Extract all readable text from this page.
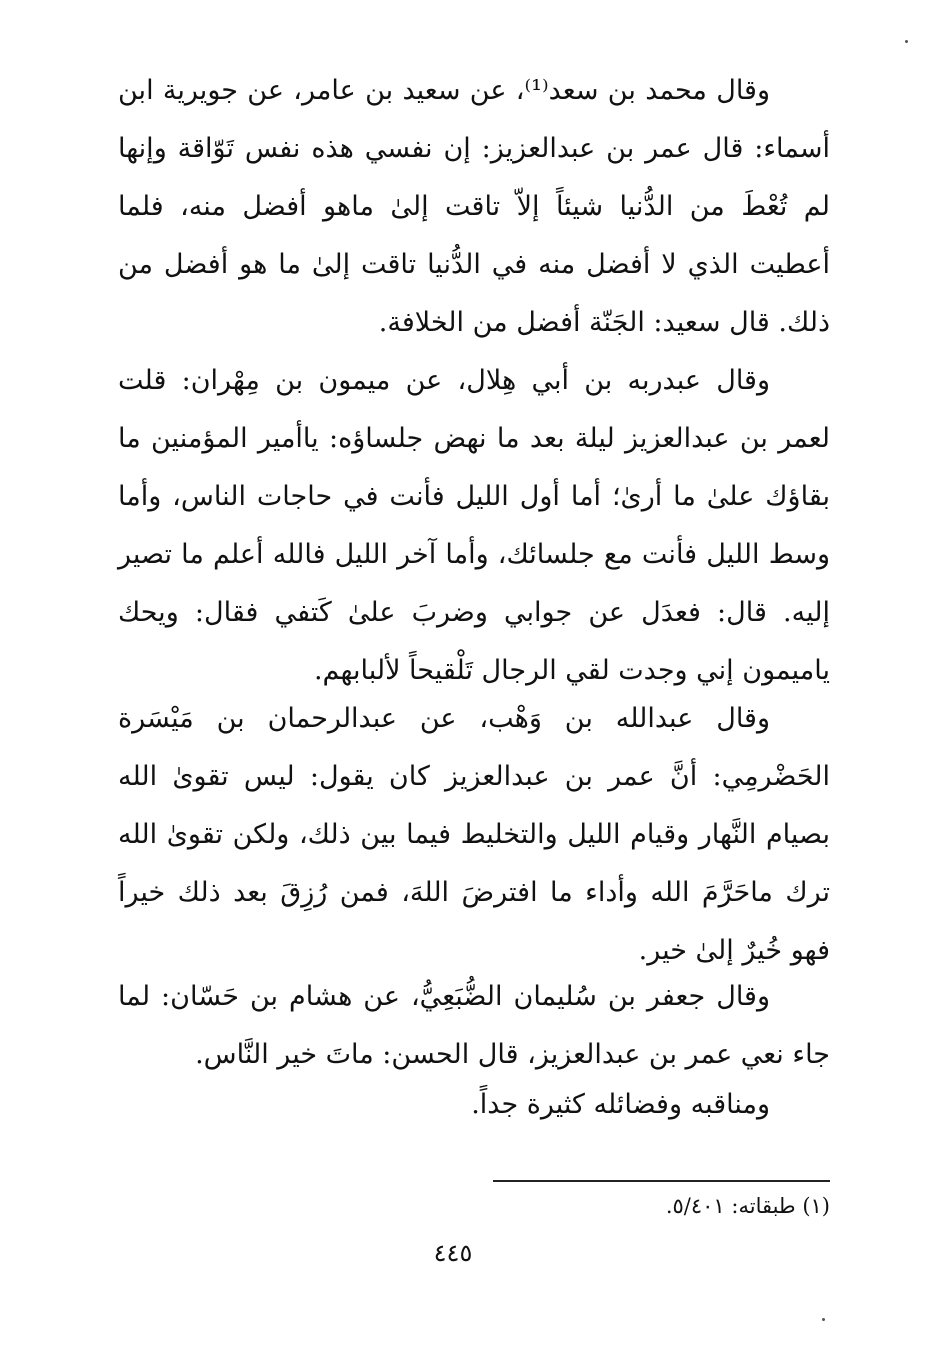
وقال محمد بن سعد⁽¹⁾، عن سعيد بن عامر، عن جويرية ابن أسماء: قال عمر بن عبدالعزيز: إن نفسي هذه نفس تَوّاقة وإنها لم تُعْطَ من الدُّنيا شيئاً إلاّ تاقت إلىٰ ماهو أفضل منه، فلما أعطيت الذي لا أفضل منه في الدُّنيا تاقت إلىٰ ما هو أفضل من ذلك. قال سعيد: الجَنّة أفضل من الخلافة.

وقال عبدربه بن أبي هِلال، عن ميمون بن مِهْران: قلت لعمر بن عبدالعزيز ليلة بعد ما نهض جلساؤه: ياأمير المؤمنين ما بقاؤك علىٰ ما أرىٰ؛ أما أول الليل فأنت في حاجات الناس، وأما وسط الليل فأنت مع جلسائك، وأما آخر الليل فالله أعلم ما تصير إليه. قال: فعدَل عن جوابي وضربَ علىٰ كَتفي فقال: ويحك ياميمون إني وجدت لقي الرجال تَلْقيحاً لألبابهم.

وقال عبدالله بن وَهْب، عن عبدالرحمان بن مَيْسَرة الحَضْرمِي: أنَّ عمر بن عبدالعزيز كان يقول: ليس تقوىٰ الله بصيام النَّهار وقيام الليل والتخليط فيما بين ذلك، ولكن تقوىٰ الله ترك ماحَرَّمَ الله وأداء ما افترضَ اللهَ، فمن رُزِقَ بعد ذلك خيراً فهو خُيرٌ إلىٰ خير.

وقال جعفر بن سُليمان الضُّبَعِيُّ، عن هشام بن حَسّان: لما جاء نعي عمر بن عبدالعزيز، قال الحسن: ماتَ خير النَّاس.

ومناقبه وفضائله كثيرة جداً.

(١) طبقاته: ٥/٤٠١.
٤٤٥
